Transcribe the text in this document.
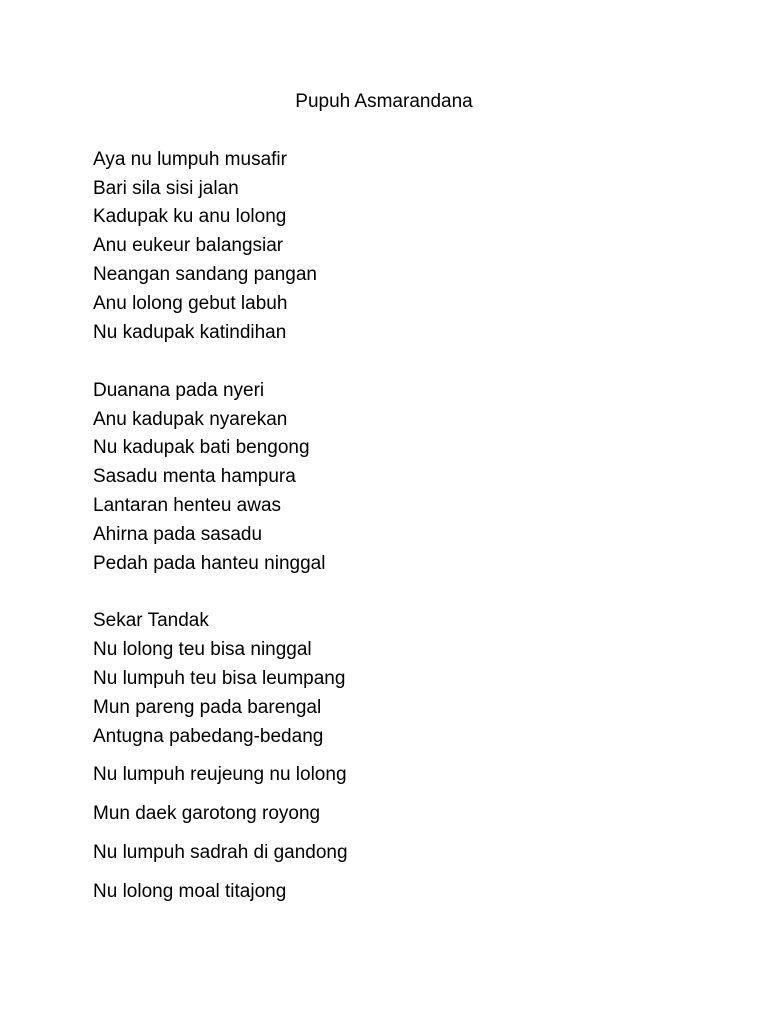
Pupuh Asmarandana

Aya nu lumpuh musafir

Bari sila sisi jalan

Kadupak ku anu lolong

Anu eukeur balangsiar

Neangan sandang pangan

Anu lolong gebut labuh

Nu kadupak katindihan

Duanana pada nyeri

Anu kadupak nyarekan

Nu kadupak bati bengong

Sasadu menta hampura

Lantaran henteu awas

Ahirna pada sasadu

Pedah pada hanteu ninggal

Sekar Tandak

Nu lolong teu bisa ninggal

Nu lumpuh teu bisa leumpang

Mun pareng pada barengal

Antugna pabedang-bedang

Nu lumpuh reujeung nu lolong

Mun daek garotong royong

Nu lumpuh sadrah di gandong

Nu lolong moal titajong
